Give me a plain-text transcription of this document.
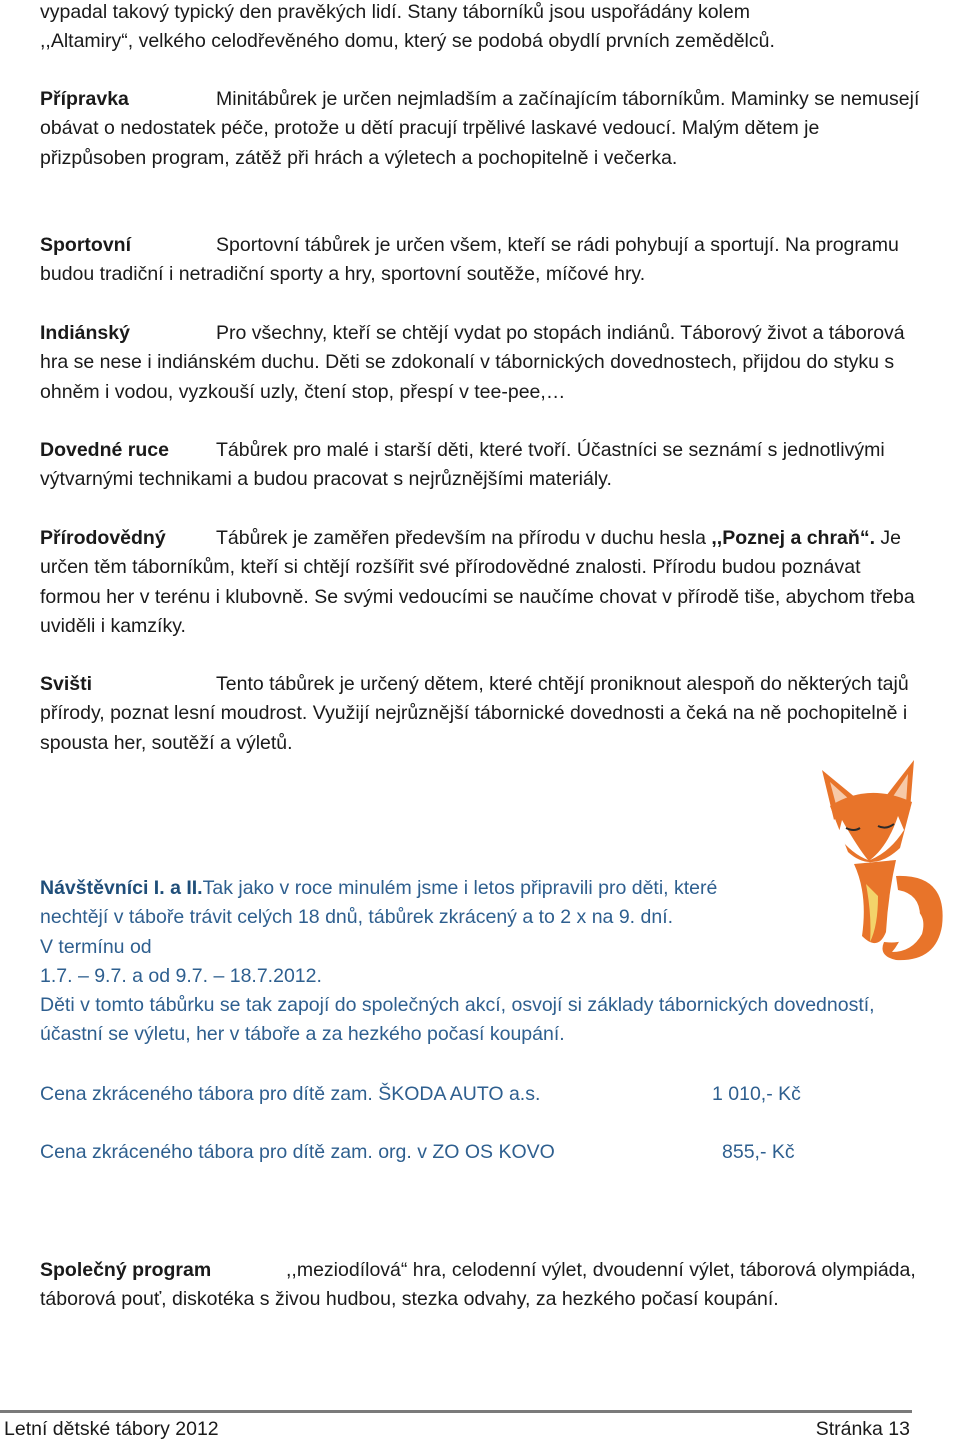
vypadal takový typický den pravěkých lidí. Stany táborníků jsou uspořádány kolem
,,Altamiry“, velkého celodřevěného domu, který se podobá obydlí prvních zemědělců.

Přípravka	Minitábůrek je určen nejmladším a začínajícím táborníkům. Maminky se nemusejí obávat o nedostatek péče, protože u dětí pracují trpělivé laskavé vedoucí. Malým dětem je přizpůsoben program, zátěž při hrách a výletech a pochopitelně i večerka.

Sportovní	Sportovní tábůrek je určen všem, kteří se rádi pohybují a sportují. Na programu budou tradiční i netradiční sporty a hry, sportovní soutěže, míčové hry.

Indiánský	Pro všechny, kteří se chtějí vydat po stopách indiánů. Táborový život a táborová hra se nese i indiánském duchu. Děti se zdokonalí v tábornických dovednostech, přijdou do styku s ohněm i vodou, vyzkouší uzly, čtení stop, přespí v tee-pee,…

Dovedné ruce Tábůrek pro malé i starší děti, které tvoří. Účastníci se seznámí s jednotlivými výtvarnými technikami a budou pracovat s nejrůznějšími materiály.

Přírodovědný	Tábůrek je zaměřen především na přírodu v duchu hesla ,,Poznej a chraň“. Je určen těm táborníkům, kteří si chtějí rozšířit své přírodovědné znalosti. Přírodu budou poznávat formou her v terénu i klubovně. Se svými vedoucími se naučíme chovat v přírodě tiše, abychom třeba uviděli i kamzíky.

Svišti	Tento tábůrek je určený dětem, které chtějí proniknout alespoň do některých tajů přírody, poznat lesní moudrost. Využijí nejrůznější tábornické dovednosti a čeká na ně pochopitelně i spousta her, soutěží a výletů.

Návštěvníci I. a II.Tak jako v roce minulém jsme i letos připravili pro děti, které
nechtějí v táboře trávit celých 18 dnů, tábůrek zkrácený a to 2 x na 9. dní.
V termínu od
1.7. – 9.7. a od 9.7. – 18.7.2012.
Děti v tomto tábůrku se tak zapojí do společných akcí, osvojí si základy tábornických dovedností, účastní se výletu, her v táboře a za hezkého počasí koupání.

Cena zkráceného tábora pro dítě zam. ŠKODA AUTO a.s.	1 010,- Kč
Cena zkráceného tábora pro dítě zam. org. v ZO OS KOVO	855,- Kč

Společný program	,,meziodílová“ hra, celodenní výlet, dvoudenní výlet, táborová olympiáda, táborová pouť, diskotéka s živou hudbou, stezka odvahy, za hezkého počasí koupání.

Letní dětské tábory 2012	Stránka 13
